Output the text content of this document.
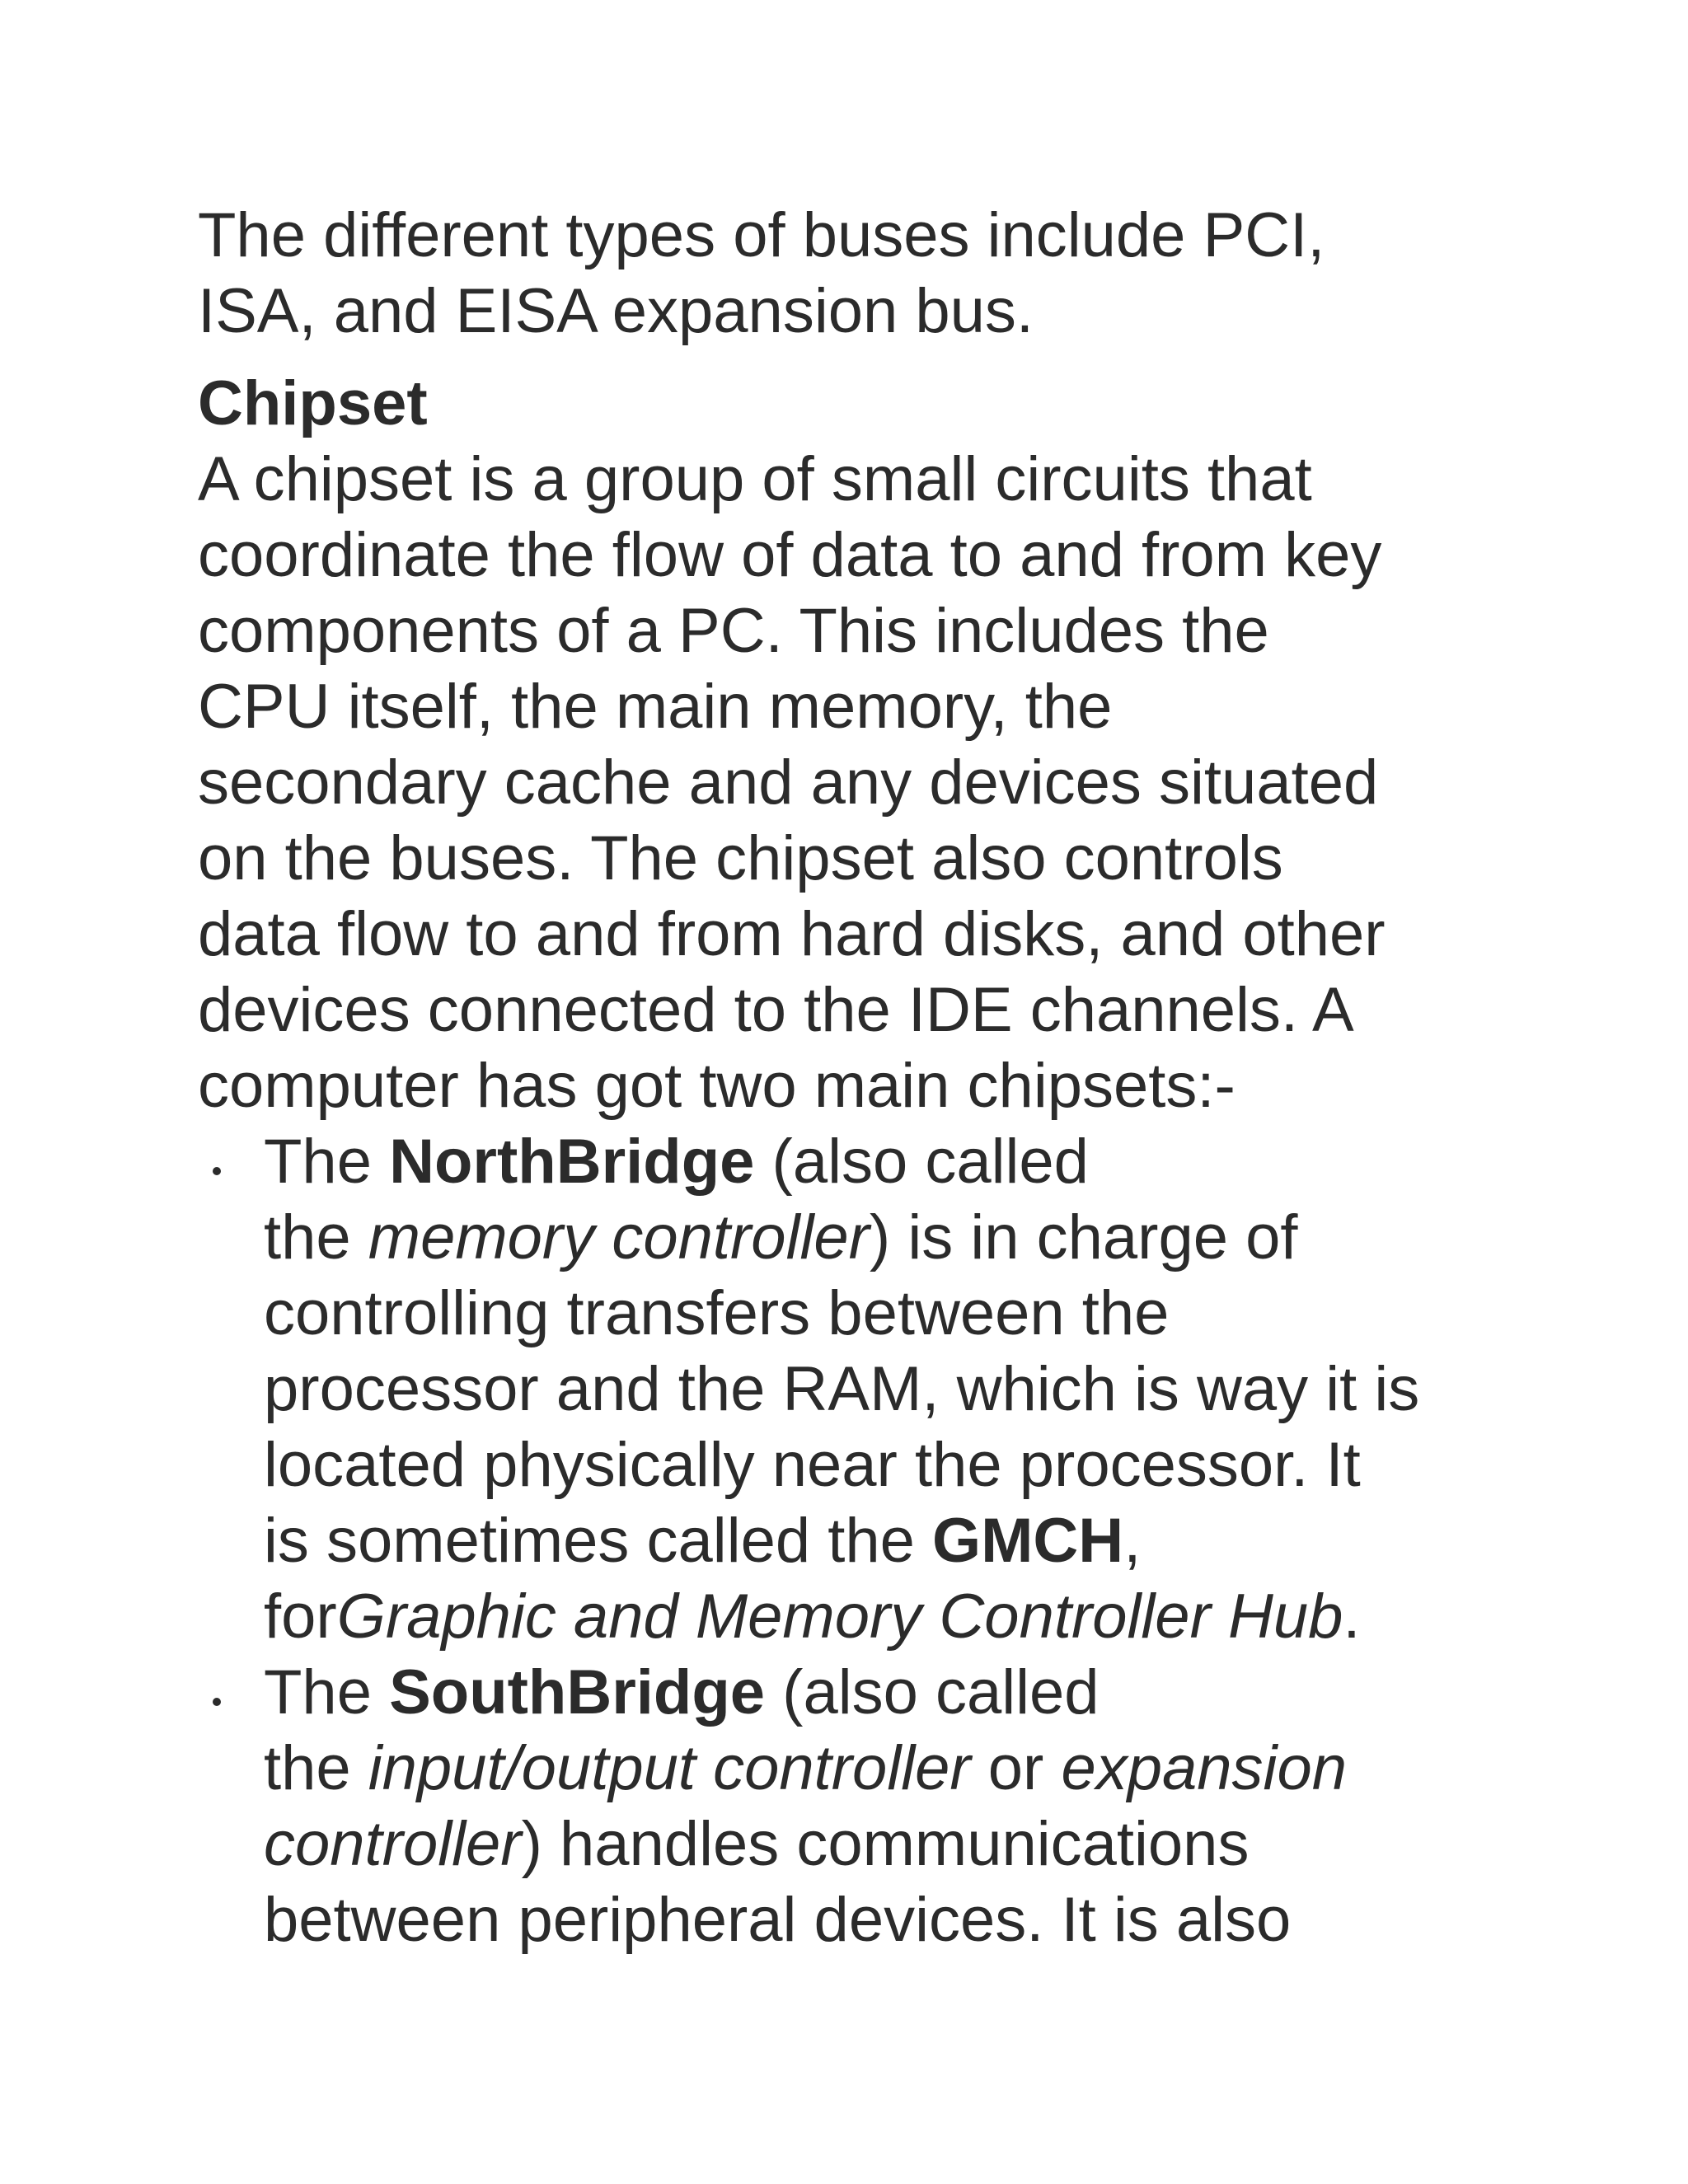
The different types of buses include PCI,
ISA, and EISA expansion bus.

Chipset

A chipset is a group of small circuits that
coordinate the flow of data to and from key
components of a PC. This includes the
CPU itself, the main memory, the
secondary cache and any devices situated
on the buses. The chipset also controls
data flow to and from hard disks, and other
devices connected to the IDE channels. A
computer has got two main chipsets:-

The NorthBridge (also called
the memory controller) is in charge of
controlling transfers between the
processor and the RAM, which is way it is
located physically near the processor. It
is sometimes called the GMCH,
forGraphic and Memory Controller Hub.
The SouthBridge (also called
the input/output controller or expansion
controller) handles communications
between peripheral devices. It is also
